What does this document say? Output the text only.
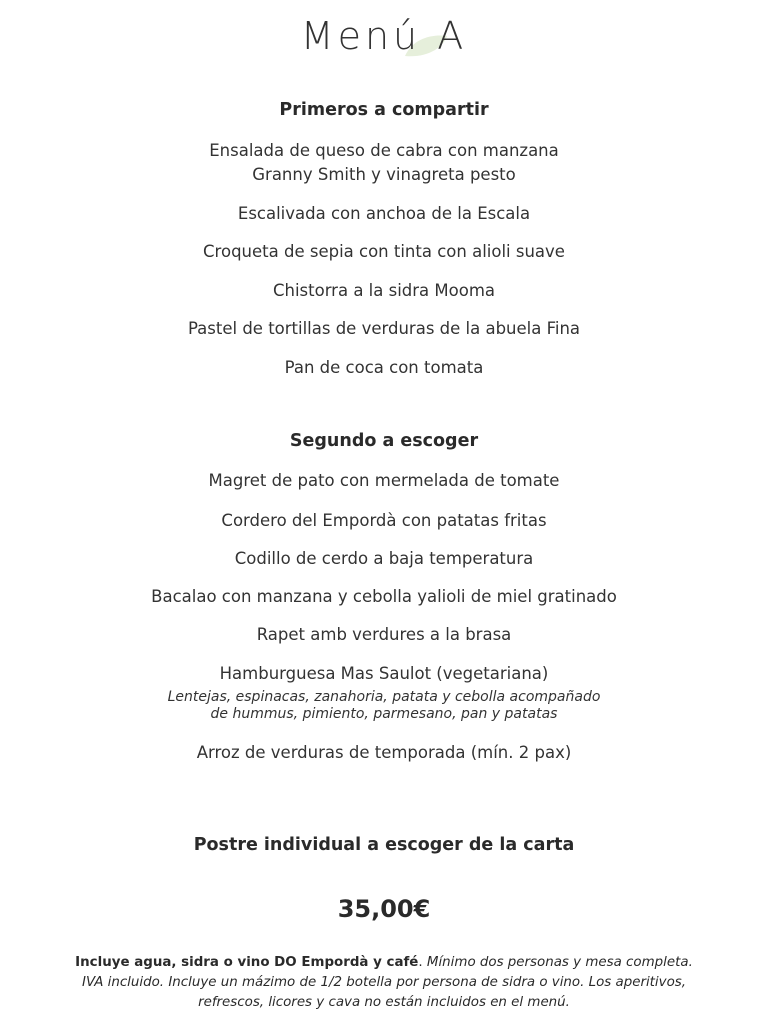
Menú A
Primeros a compartir
Ensalada de queso de cabra con manzana
Granny Smith y vinagreta pesto
Escalivada con anchoa de la Escala
Croqueta de sepia con tinta con alioli suave
Chistorra a la sidra Mooma
Pastel de tortillas de verduras de la abuela Fina
Pan de coca con tomata
Segundo a escoger
Magret de pato con mermelada de tomate
Cordero del Empordà con patatas fritas
Codillo de cerdo a baja temperatura
Bacalao con manzana y cebolla yalioli de miel gratinado
Rapet amb verdures a la brasa
Hamburguesa Mas Saulot (vegetariana)
Lentejas, espinacas, zanahoria, patata y cebolla acompañado
de hummus, pimiento, parmesano, pan y patatas
Arroz de verduras de temporada (mín. 2 pax)
Postre individual a escoger de la carta
35,00€
Incluye agua, sidra o vino DO Empordà y café. Mínimo dos personas y mesa completa.
IVA incluido. Incluye un mázimo de 1/2 botella por persona de sidra o vino. Los aperitivos,
refrescos, licores y cava no están incluidos en el menú.
